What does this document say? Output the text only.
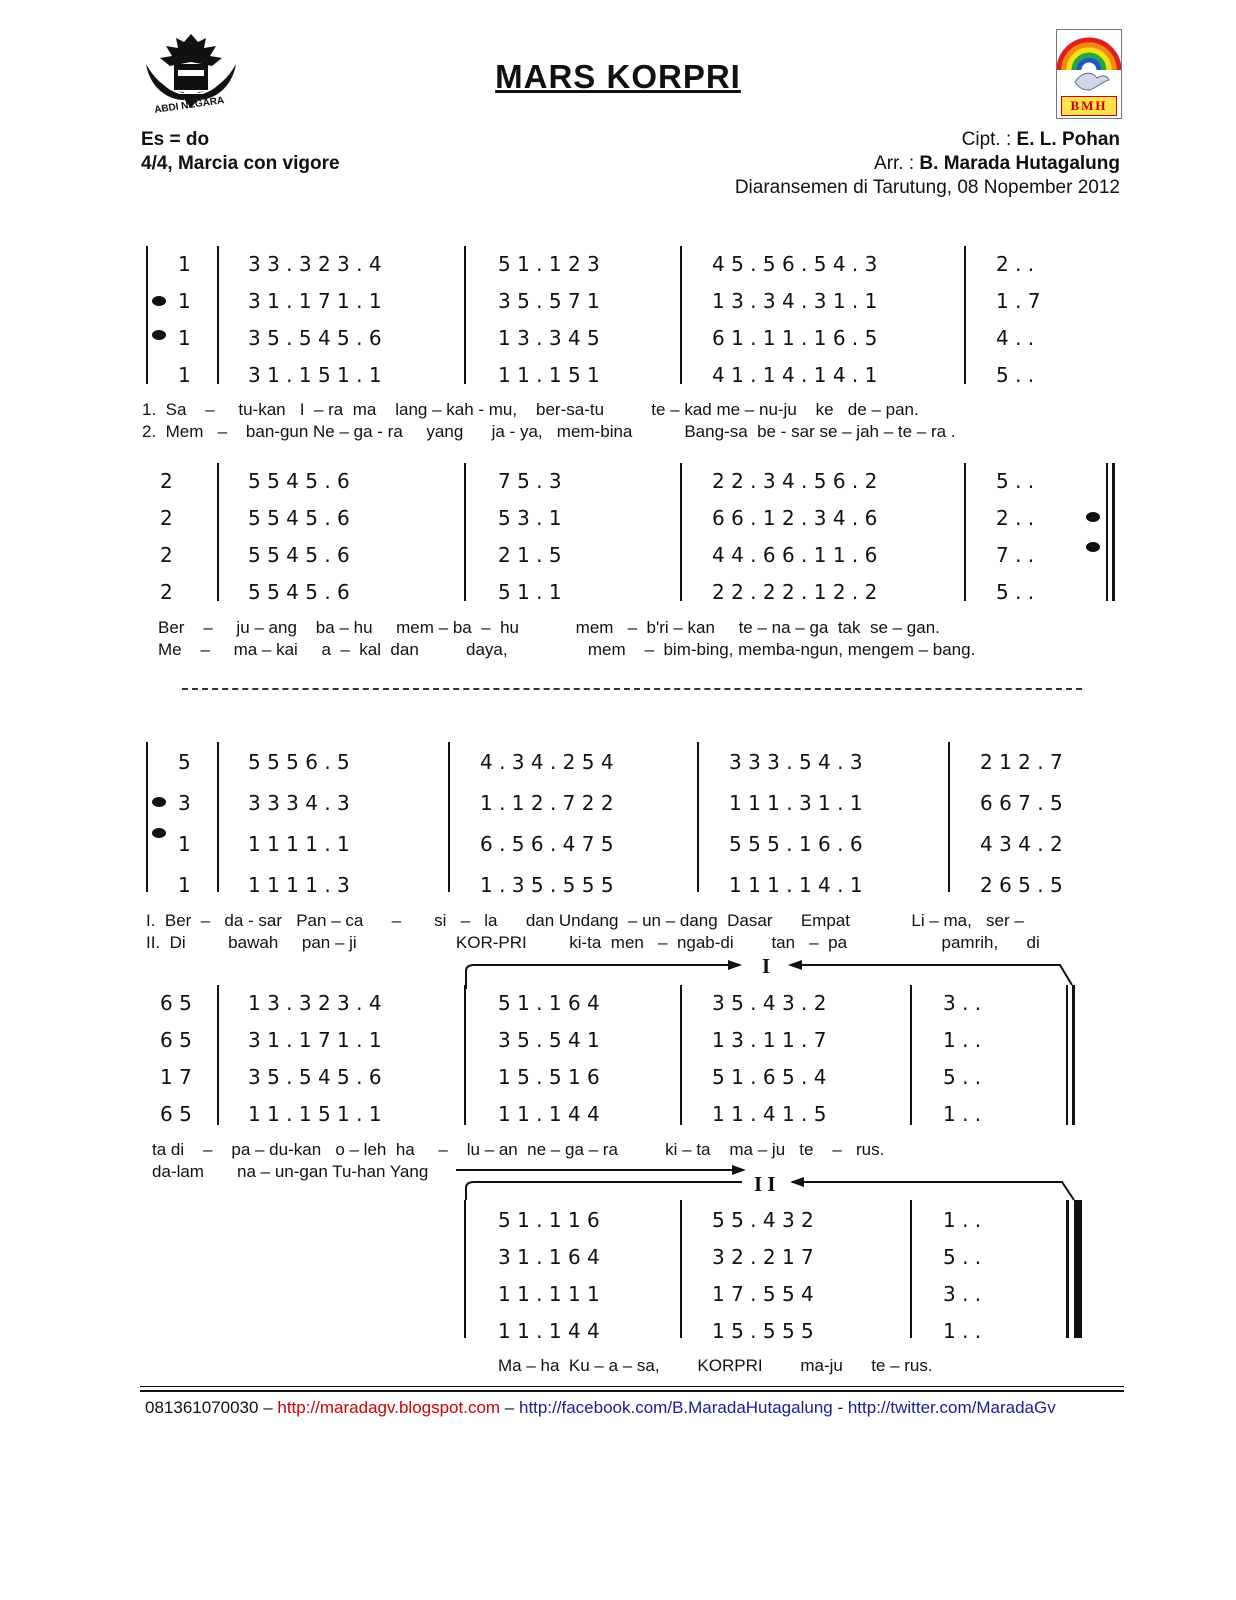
ABDI NEGARA
MARS KORPRI
BMH
Es = do
4/4, Marcia con vigore
Cipt. : E. L. Pohan
Arr. : B. Marada Hutagalung
Diaransemen di Tarutung, 08 Nopember 2012
1
1
1
1
3 3 . 3 2 3 . 4
3 1 . 1 7 1 . 1
3 5 . 5 4 5 . 6
3 1 . 1 5 1 . 1
5 1 . 1 2 3
3 5 . 5 7 1
1 3 . 3 4 5
1 1 . 1 5 1
4 5 . 5 6 . 5 4 . 3
1 3 . 3 4 . 3 1 . 1
6 1 . 1 1 . 1 6 . 5
4 1 . 1 4 . 1 4 . 1
2 . .
1 . 7
4 . .
5 . .
1.  Sa    –     tu-kan   I  – ra  ma    lang – kah - mu,    ber-sa-tu          te – kad me – nu-ju    ke   de – pan.
2.  Mem   –    ban-gun Ne – ga - ra     yang      ja - ya,   mem-bina           Bang-sa  be - sar se – jah – te – ra .
2
2
2
2
5 5 4 5 . 6
5 5 4 5 . 6
5 5 4 5 . 6
5 5 4 5 . 6
7 5 . 3
5 3 . 1
2 1 . 5
5 1 . 1
2 2 . 3 4 . 5 6 . 2
6 6 . 1 2 . 3 4 . 6
4 4 . 6 6 . 1 1 . 6
2 2 . 2 2 . 1 2 . 2
5 . .
2 . .
7 . .
5 . .
Ber    –     ju – ang    ba – hu     mem – ba  –  hu            mem   –  b'ri – kan     te – na – ga  tak  se – gan.
Me    –     ma – kai     a  –  kal  dan          daya,                 mem    –  bim-bing, memba-ngun, mengem – bang.
5
3
1
1
5 5 5 6 . 5
3 3 3 4 . 3
1 1 1 1 . 1
1 1 1 1 . 3
4 . 3 4 . 2 5 4
1 . 1 2 . 7 2 2
6 . 5 6 . 4 7 5
1 . 3 5 . 5 5 5
3 3 3 . 5 4 . 3
1 1 1 . 3 1 . 1
5 5 5 . 1 6 . 6
1 1 1 . 1 4 . 1
2 1 2 . 7
6 6 7 . 5
4 3 4 . 2
2 6 5 . 5
I.  Ber  –   da - sar   Pan – ca      –       si   –   la      dan Undang  – un – dang  Dasar      Empat             Li – ma,   ser –
II.  Di         bawah     pan – ji                     KOR-PRI         ki-ta  men   –  ngab-di        tan   –  pa                    pamrih,      di
I
6 5
6 5
1 7
6 5
1 3 . 3 2 3 . 4
3 1 . 1 7 1 . 1
3 5 . 5 4 5 . 6
1 1 . 1 5 1 . 1
5 1 . 1 6 4
3 5 . 5 4 1
1 5 . 5 1 6
1 1 . 1 4 4
3 5 . 4 3 . 2
1 3 . 1 1 . 7
5 1 . 6 5 . 4
1 1 . 4 1 . 5
3 . .
1 . .
5 . .
1 . .
ta di    –    pa – du-kan   o – leh  ha     –    lu – an  ne – ga – ra          ki – ta    ma – ju   te    –   rus.
da-lam       na – un-gan Tu-han Yang
I I
5 1 . 1 1 6
3 1 . 1 6 4
1 1 . 1 1 1
1 1 . 1 4 4
5 5 . 4 3 2
3 2 . 2 1 7
1 7 . 5 5 4
1 5 . 5 5 5
1 . .
5 . .
3 . .
1 . .
Ma – ha  Ku – a – sa,        KORPRI        ma-ju      te – rus.
081361070030 – http://maradagv.blogspot.com – http://facebook.com/B.MaradaHutagalung - http://twitter.com/MaradaGv
